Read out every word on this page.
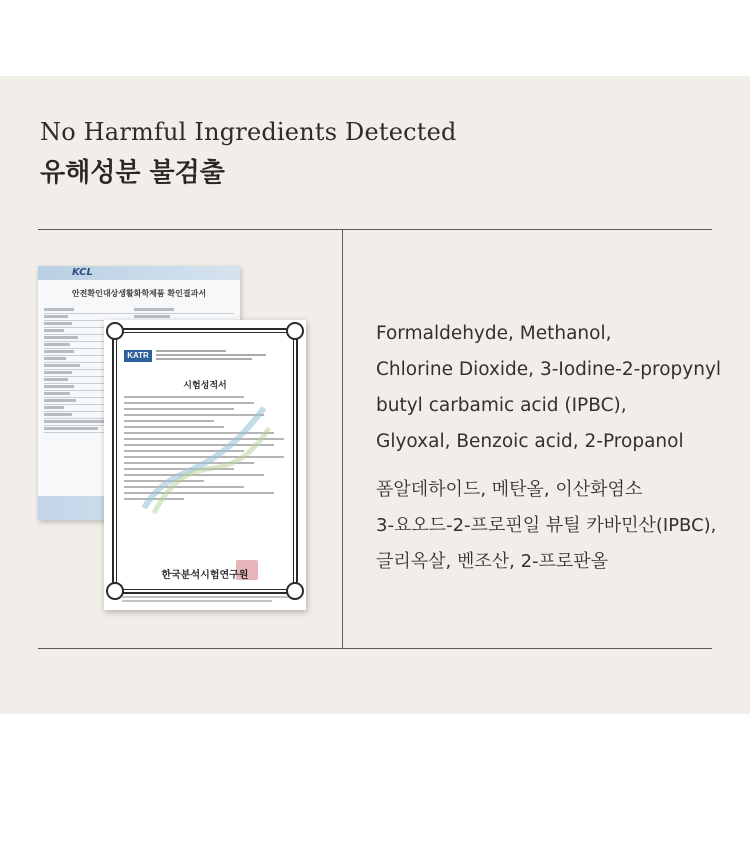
No Harmful Ingredients Detected
유해성분 불검출
KCL
안전확인대상생활화학제품 확인결과서
KATR
시험성적서
한국분석시험연구원
Formaldehyde, Methanol,
Chlorine Dioxide, 3-Iodine-2-propynyl
butyl carbamic acid (IPBC),
Glyoxal, Benzoic acid, 2-Propanol
폼알데하이드, 메탄올, 이산화염소
3-요오드-2-프로핀일 뷰틸 카바민산(IPBC),
글리옥살, 벤조산, 2-프로판올
